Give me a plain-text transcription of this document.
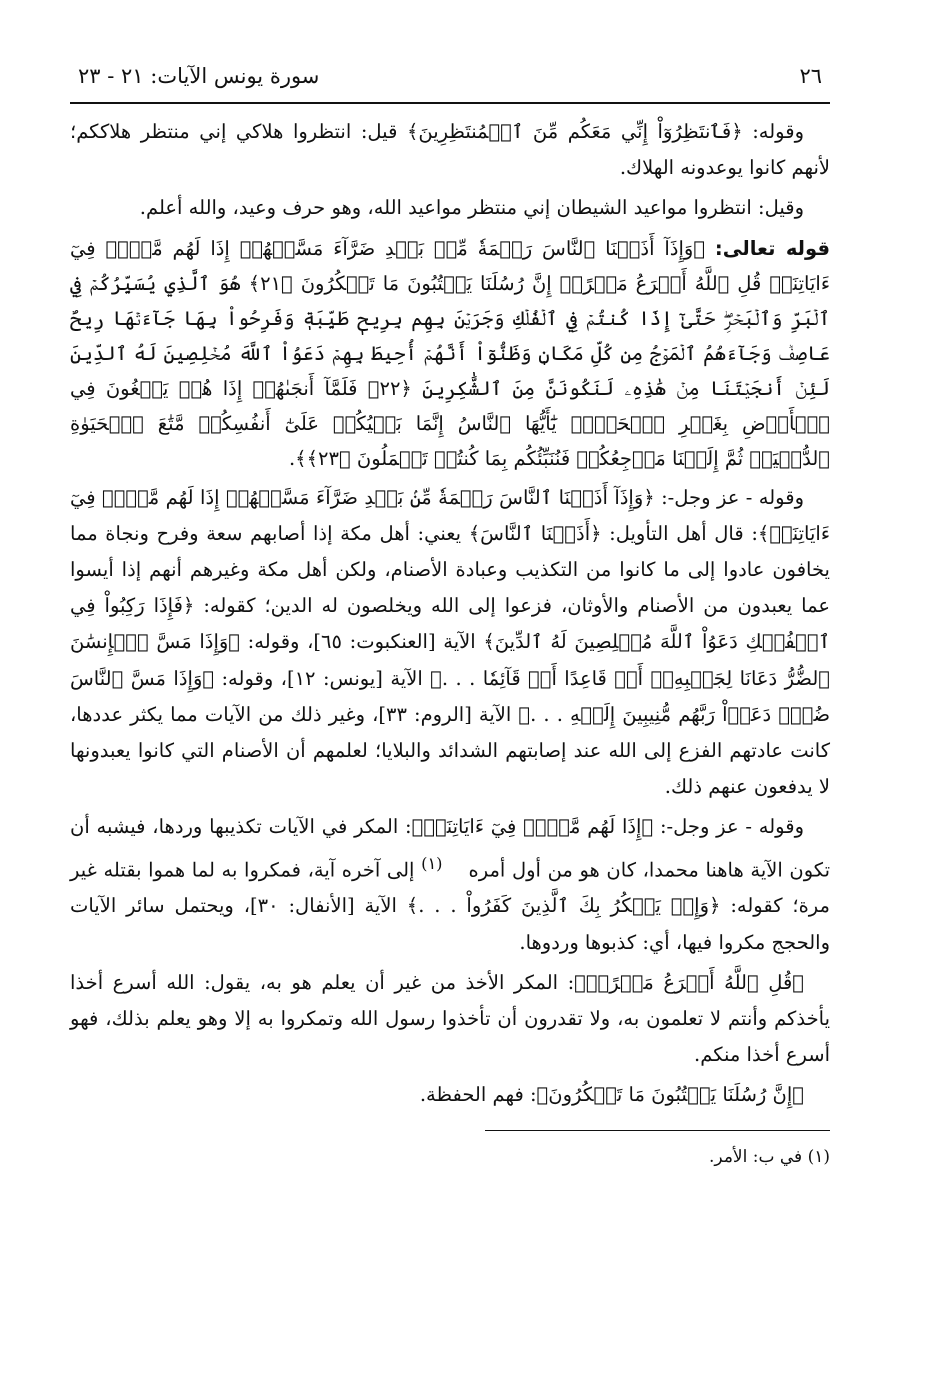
٢٦
سورة يونس الآيات: ٢١ - ٢٣

وقوله: ﴿فَٱنتَظِرُوٓاْ إِنِّي مَعَكُم مِّنَ ٱلۡمُنتَظِرِينَ﴾ قيل: انتظروا هلاكي إني منتظر هلاككم؛ لأنهم كانوا يوعدونه الهلاك.

وقيل: انتظروا مواعيد الشيطان إني منتظر مواعيد الله، وهو حرف وعيد، والله أعلم.

قوله تعالى: ﴿وَإِذَآ أَذَقۡنَا ٱلنَّاسَ رَحۡمَةٗ مِّنۢ بَعۡدِ ضَرَّآءَ مَسَّتۡهُمۡ إِذَا لَهُم مَّكۡرٞ فِيٓ ءَايَاتِنَاۚ قُلِ ٱللَّهُ أَسۡرَعُ مَكۡرًاۚ إِنَّ رُسُلَنَا يَكۡتُبُونَ مَا تَمۡكُرُونَ ﴿٢١﴾ هُوَ ٱلَّذِي يُسَيِّرُكُمۡ فِي ٱلۡبَرِّ وَٱلۡبَحۡرِۖ حَتَّىٰٓ إِذَا كُنتُمۡ فِي ٱلۡفُلۡكِ وَجَرَيۡنَ بِهِم بِرِيحٖ طَيِّبَةٖ وَفَرِحُواْ بِهَا جَآءَتۡهَا رِيحٌ عَاصِفٞ وَجَآءَهُمُ ٱلۡمَوۡجُ مِن كُلِّ مَكَانٖ وَظَنُّوٓاْ أَنَّهُمۡ أُحِيطَ بِهِمۡ دَعَوُاْ ٱللَّهَ مُخۡلِصِينَ لَهُ ٱلدِّينَ لَئِنۡ أَنجَيۡتَنَا مِنۡ هَٰذِهِۦ لَنَكُونَنَّ مِنَ ٱلشَّٰكِرِينَ ﴿٢٢﴾ فَلَمَّآ أَنجَىٰهُمۡ إِذَا هُمۡ يَبۡغُونَ فِي ٱلۡأَرۡضِ بِغَيۡرِ ٱلۡحَقِّۗ يَٰٓأَيُّهَا ٱلنَّاسُ إِنَّمَا بَغۡيُكُمۡ عَلَىٰٓ أَنفُسِكُمۖ مَّتَٰعَ ٱلۡحَيَوٰةِ ٱلدُّنۡيَاۖ ثُمَّ إِلَيۡنَا مَرۡجِعُكُمۡ فَنُنَبِّئُكُم بِمَا كُنتُمۡ تَعۡمَلُونَ ﴿٢٣﴾﴾.

وقوله - عز وجل-: ﴿وَإِذَآ أَذَقۡنَا ٱلنَّاسَ رَحۡمَةٗ مِّنۢ بَعۡدِ ضَرَّآءَ مَسَّتۡهُمۡ إِذَا لَهُم مَّكۡرٞ فِيٓ ءَايَاتِنَاۚ﴾: قال أهل التأويل: ﴿أَذَقۡنَا ٱلنَّاسَ﴾ يعني: أهل مكة إذا أصابهم سعة وفرح ونجاة مما يخافون عادوا إلى ما كانوا من التكذيب وعبادة الأصنام، ولكن أهل مكة وغيرهم أنهم إذا أيسوا عما يعبدون من الأصنام والأوثان، فزعوا إلى الله ويخلصون له الدين؛ كقوله: ﴿فَإِذَا رَكِبُواْ فِي ٱلۡفُلۡكِ دَعَوُاْ ٱللَّهَ مُخۡلِصِينَ لَهُ ٱلدِّينَ﴾ الآية [العنكبوت: ٦٥]، وقوله: ﴿وَإِذَا مَسَّ ٱلۡإِنسَٰنَ ٱلضُّرُّ دَعَانَا لِجَنۢبِهِۦٓ أَوۡ قَاعِدًا أَوۡ قَآئِمٗا . . .﴾ الآية [يونس: ١٢]، وقوله: ﴿وَإِذَا مَسَّ ٱلنَّاسَ ضُرّٞ دَعَوۡاْ رَبَّهُم مُّنِيبِينَ إِلَيۡهِ . . .﴾ الآية [الروم: ٣٣]، وغير ذلك من الآيات مما يكثر عددها، كانت عادتهم الفزع إلى الله عند إصابتهم الشدائد والبلايا؛ لعلمهم أن الأصنام التي كانوا يعبدونها لا يدفعون عنهم ذلك.

وقوله - عز وجل-: ﴿إِذَا لَهُم مَّكۡرٞ فِيٓ ءَايَاتِنَاۚ﴾: المكر في الآيات تكذيبها وردها، فيشبه أن تكون الآية هاهنا محمدا، كان هو من أول أمره$^{(١)}$ إلى آخره آية، فمكروا به لما هموا بقتله غير مرة؛ كقوله: ﴿وَإِذۡ يَمۡكُرُ بِكَ ٱلَّذِينَ كَفَرُواْ . . .﴾ الآية [الأنفال: ٣٠]، ويحتمل سائر الآيات والحجج مكروا فيها، أي: كذبوها وردوها.

﴿قُلِ ٱللَّهُ أَسۡرَعُ مَكۡرًاۚ﴾: المكر الأخذ من غير أن يعلم هو به، يقول: الله أسرع أخذا يأخذكم وأنتم لا تعلمون به، ولا تقدرون أن تأخذوا رسول الله وتمكروا به إلا وهو يعلم بذلك، فهو أسرع أخذا منكم.

﴿إِنَّ رُسُلَنَا يَكۡتُبُونَ مَا تَمۡكُرُونَ﴾: فهم الحفظة.

(١) في ب: الأمر.
